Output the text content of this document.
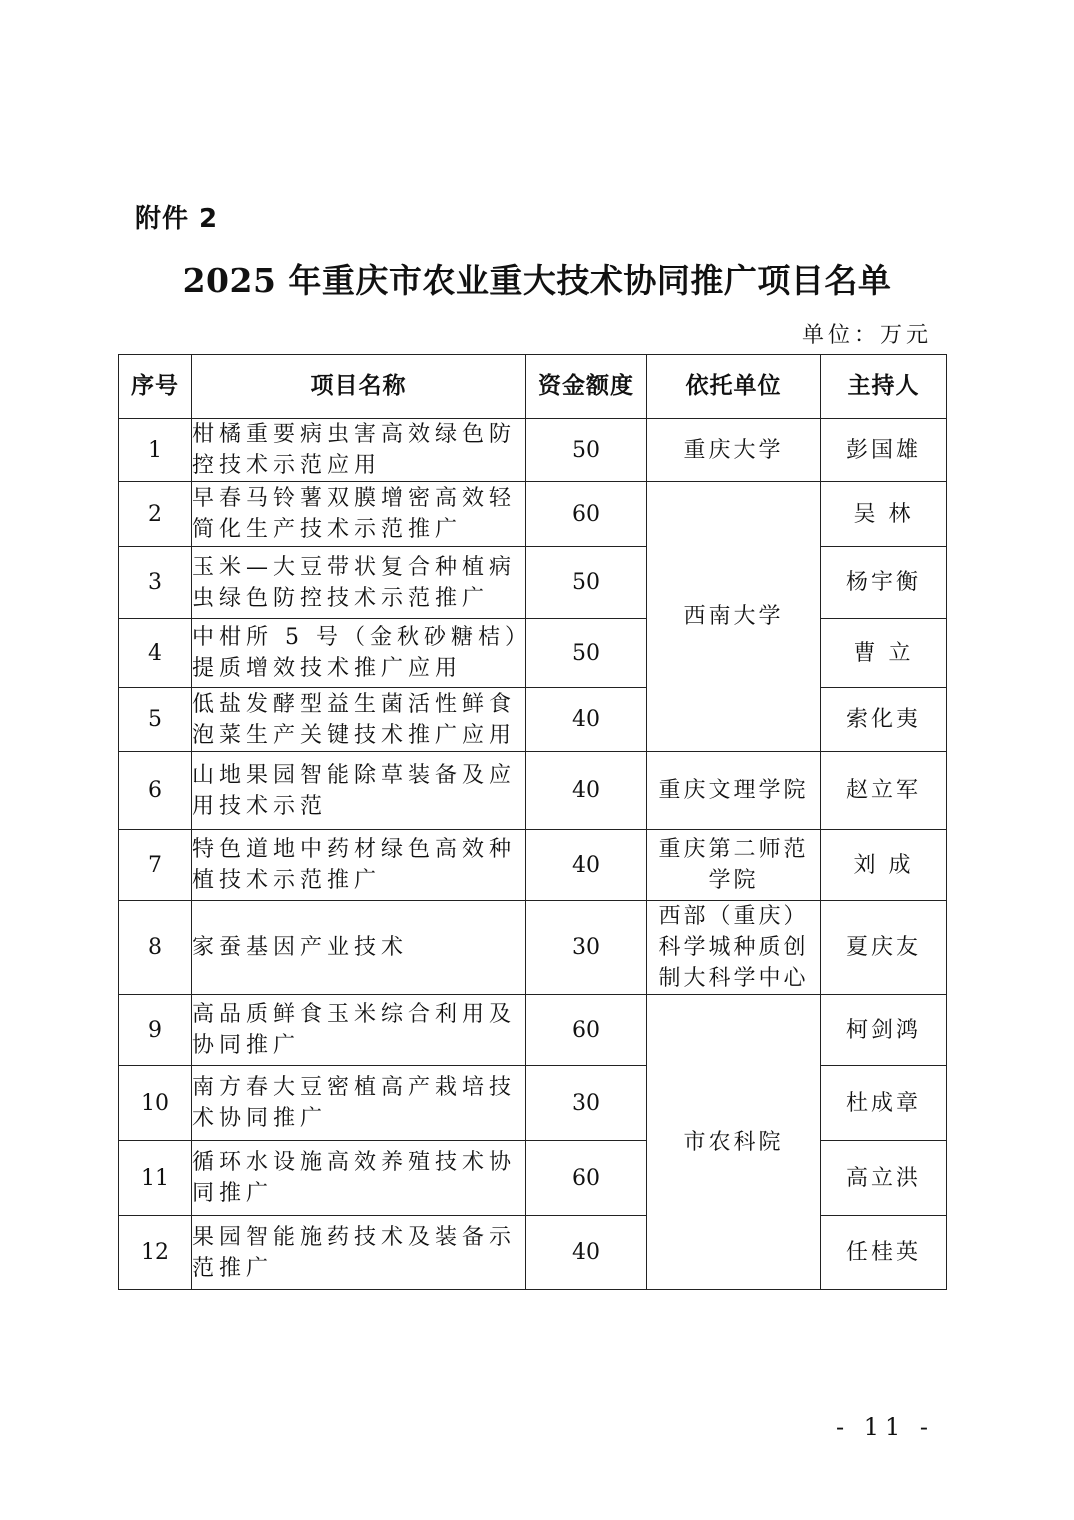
附件 2
2025 年重庆市农业重大技术协同推广项目名单
单位：万元
序号	项目名称	资金额度	依托单位	主持人
1	柑橘重要病虫害高效绿色防控技术示范应用	50	重庆大学	彭国雄
2	早春马铃薯双膜增密高效轻简化生产技术示范推广	60	西南大学	吴 林
3	玉米—大豆带状复合种植病虫绿色防控技术示范推广	50		杨宇衡
4	中柑所 5 号（金秋砂糖桔）提质增效技术推广应用	50		曹 立
5	低盐发酵型益生菌活性鲜食泡菜生产关键技术推广应用	40		索化夷
6	山地果园智能除草装备及应用技术示范	40	重庆文理学院	赵立军
7	特色道地中药材绿色高效种植技术示范推广	40	重庆第二师范学院	刘 成
8	家蚕基因产业技术	30	西部（重庆）科学城种质创制大科学中心	夏庆友
9	高品质鲜食玉米综合利用及协同推广	60	市农科院	柯剑鸿
10	南方春大豆密植高产栽培技术协同推广	30		杜成章
11	循环水设施高效养殖技术协同推广	60		高立洪
12	果园智能施药技术及装备示范推广	40		任桂英
- 11 -
